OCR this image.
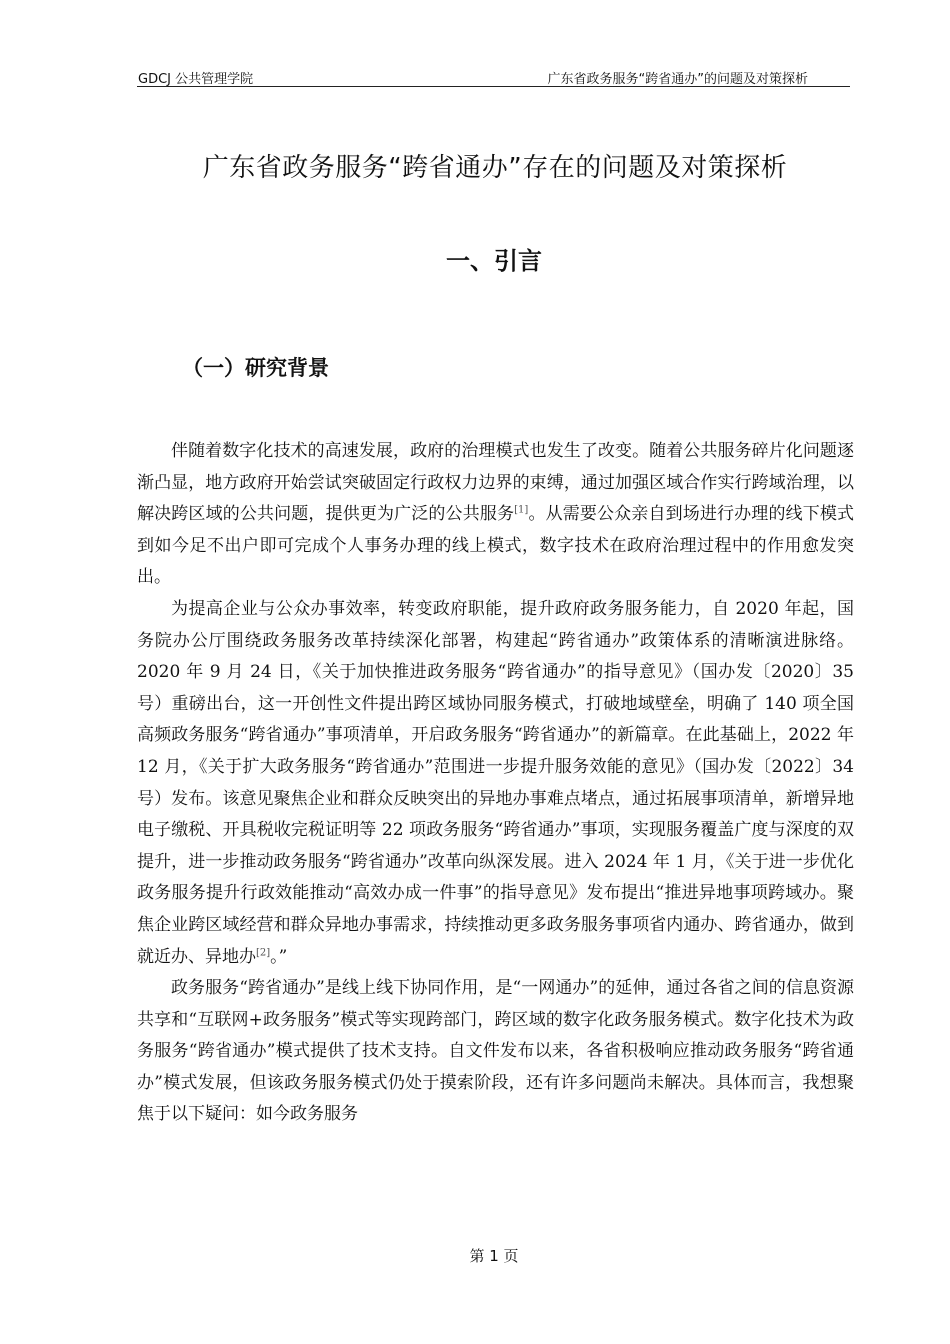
GDCJ 公共管理学院	广东省政务服务“跨省通办”的问题及对策探析
广东省政务服务“跨省通办”存在的问题及对策探析
一、引言
（一）研究背景

伴随着数字化技术的高速发展，政府的治理模式也发生了改变。随着公共服务碎片化问题逐渐凸显，地方政府开始尝试突破固定行政权力边界的束缚，通过加强区域合作实行跨域治理，以解决跨区域的公共问题，提供更为广泛的公共服务[1]。从需要公众亲自到场进行办理的线下模式到如今足不出户即可完成个人事务办理的线上模式，数字技术在政府治理过程中的作用愈发突出。

为提高企业与公众办事效率，转变政府职能，提升政府政务服务能力，自 2020 年起，国务院办公厅围绕政务服务改革持续深化部署，构建起“跨省通办”政策体系的清晰演进脉络。2020 年 9 月 24 日，《关于加快推进政务服务“跨省通办”的指导意见》（国办发〔2020〕35 号）重磅出台，这一开创性文件提出跨区域协同服务模式，打破地域壁垒，明确了 140 项全国高频政务服务“跨省通办”事项清单，开启政务服务“跨省通办”的新篇章。在此基础上，2022 年 12 月，《关于扩大政务服务“跨省通办”范围进一步提升服务效能的意见》（国办发〔2022〕34 号）发布。该意见聚焦企业和群众反映突出的异地办事难点堵点，通过拓展事项清单，新增异地电子缴税、开具税收完税证明等 22 项政务服务“跨省通办”事项，实现服务覆盖广度与深度的双提升，进一步推动政务服务“跨省通办”改革向纵深发展。进入 2024 年 1 月，《关于进一步优化政务服务提升行政效能推动“高效办成一件事”的指导意见》发布提出“推进异地事项跨域办。聚焦企业跨区域经营和群众异地办事需求，持续推动更多政务服务事项省内通办、跨省通办，做到就近办、异地办[2]。”

政务服务“跨省通办”是线上线下协同作用，是“一网通办”的延伸，通过各省之间的信息资源共享和“互联网+政务服务”模式等实现跨部门，跨区域的数字化政务服务模式。数字化技术为政务服务“跨省通办”模式提供了技术支持。自文件发布以来，各省积极响应推动政务服务“跨省通办”模式发展，但该政务服务模式仍处于摸索阶段，还有许多问题尚未解决。具体而言，我想聚焦于以下疑问：如今政务服务

第 1 页
